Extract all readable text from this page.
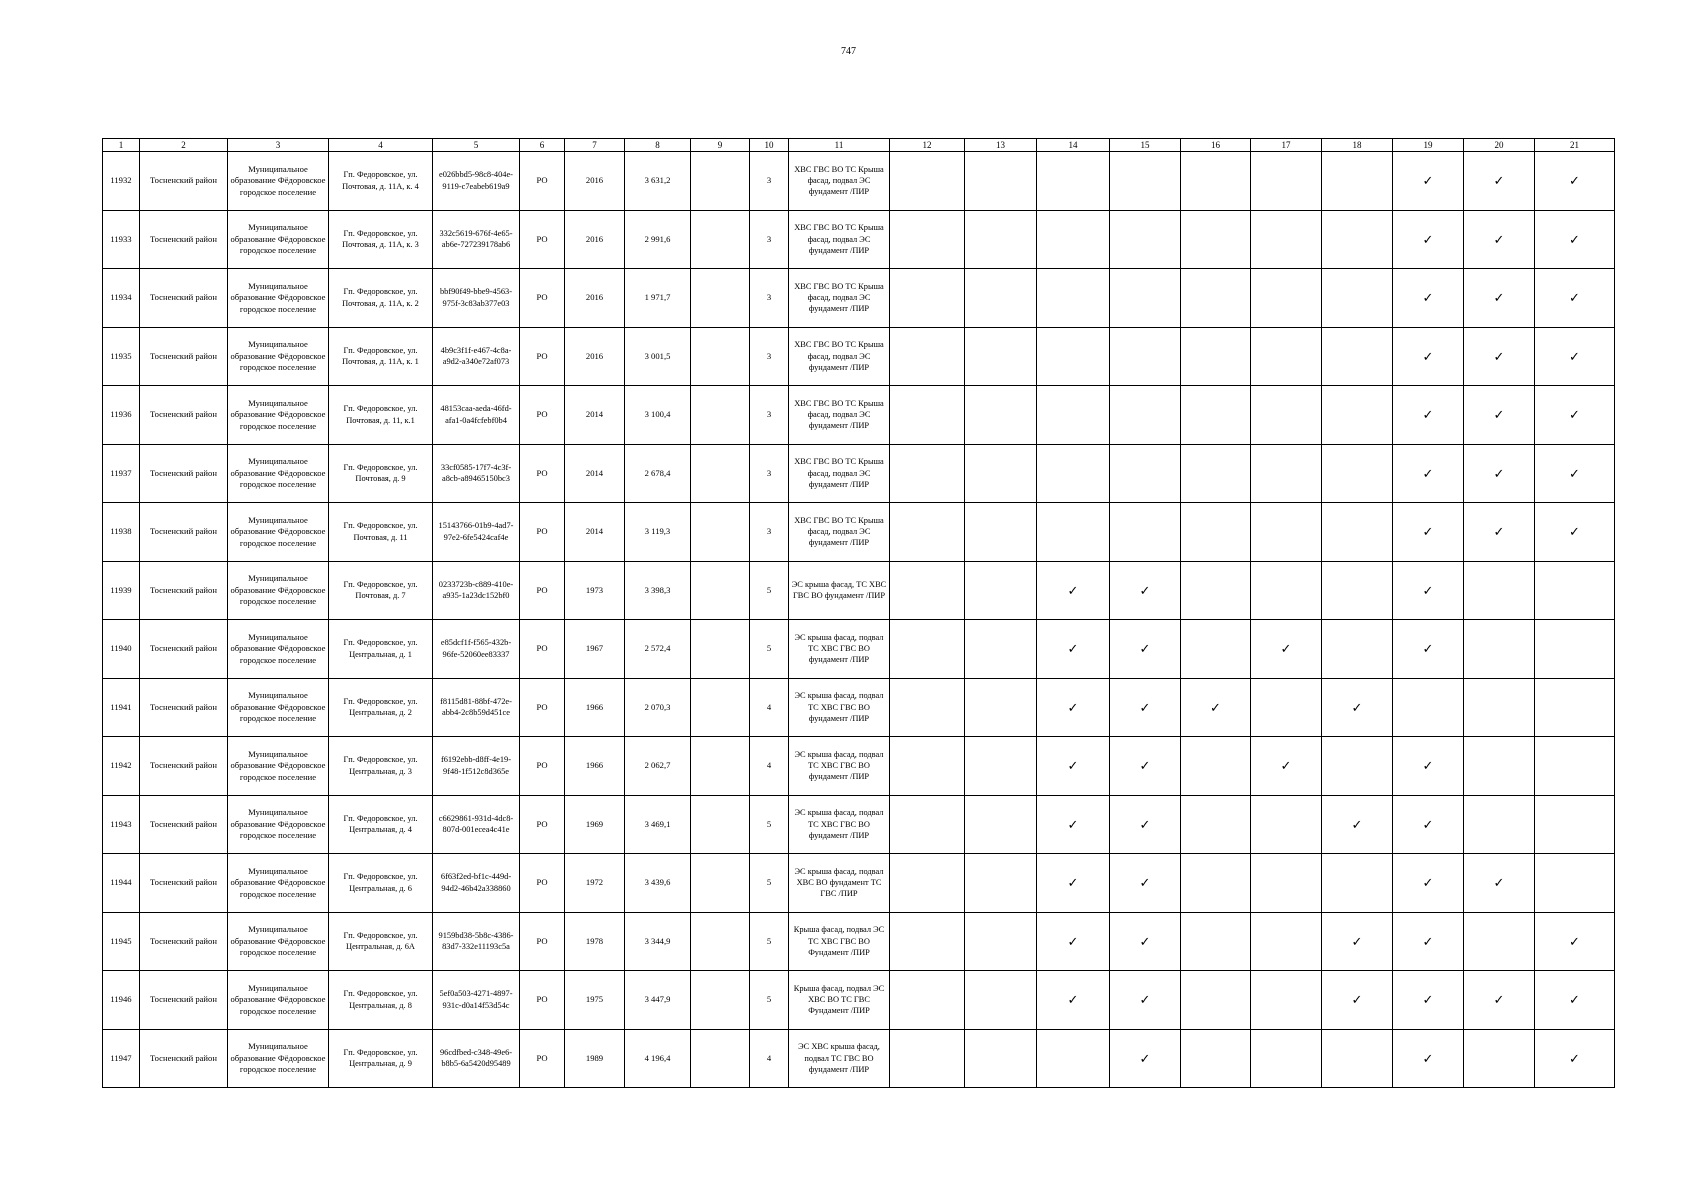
747
1	2	3	4	5	6	7	8	9	10	11	12	13	14	15	16	17	18	19	20	21
11932	Тосненский район	Муниципальное образование Фёдоровское городское поселение	Гп. Федоровское, ул. Почтовая, д. 11А, к. 4	e026bbd5-98c8-404e-9119-c7eabeb619a9	РО	2016	3 631,2		3	ХВС ГВС ВО ТС Крыша фасад, подвал ЭС фундамент /ПИР								✓	✓	✓
11933	Тосненский район	Муниципальное образование Фёдоровское городское поселение	Гп. Федоровское, ул. Почтовая, д. 11А, к. 3	332c5619-676f-4e65-ab6e-727239178ab6	РО	2016	2 991,6		3	ХВС ГВС ВО ТС Крыша фасад, подвал ЭС фундамент /ПИР								✓	✓	✓
11934	Тосненский район	Муниципальное образование Фёдоровское городское поселение	Гп. Федоровское, ул. Почтовая, д. 11А, к. 2	bbf90f49-bbe9-4563-975f-3c83ab377e03	РО	2016	1 971,7		3	ХВС ГВС ВО ТС Крыша фасад, подвал ЭС фундамент /ПИР								✓	✓	✓
11935	Тосненский район	Муниципальное образование Фёдоровское городское поселение	Гп. Федоровское, ул. Почтовая, д. 11А, к. 1	4b9c3f1f-e467-4c8a-a9d2-a340e72af073	РО	2016	3 001,5		3	ХВС ГВС ВО ТС Крыша фасад, подвал ЭС фундамент /ПИР								✓	✓	✓
11936	Тосненский район	Муниципальное образование Фёдоровское городское поселение	Гп. Федоровское, ул. Почтовая, д. 11, к.1	48153caa-aeda-46fd-afa1-0a4fcfebf0b4	РО	2014	3 100,4		3	ХВС ГВС ВО ТС Крыша фасад, подвал ЭС фундамент /ПИР								✓	✓	✓
11937	Тосненский район	Муниципальное образование Фёдоровское городское поселение	Гп. Федоровское, ул. Почтовая, д. 9	33cf0585-17f7-4c3f-a8cb-a89465150bc3	РО	2014	2 678,4		3	ХВС ГВС ВО ТС Крыша фасад, подвал ЭС фундамент /ПИР								✓	✓	✓
11938	Тосненский район	Муниципальное образование Фёдоровское городское поселение	Гп. Федоровское, ул. Почтовая, д. 11	15143766-01b9-4ad7-97e2-6fe5424caf4e	РО	2014	3 119,3		3	ХВС ГВС ВО ТС Крыша фасад, подвал ЭС фундамент /ПИР								✓	✓	✓
11939	Тосненский район	Муниципальное образование Фёдоровское городское поселение	Гп. Федоровское, ул. Почтовая, д. 7	0233723b-c889-410e-a935-1a23dc152bf0	РО	1973	3 398,3		5	ЭС крыша фасад, ТС ХВС ГВС ВО фундамент /ПИР			✓	✓				✓		
11940	Тосненский район	Муниципальное образование Фёдоровское городское поселение	Гп. Федоровское, ул. Центральная, д. 1	e85dcf1f-f565-432b-96fe-52060ee83337	РО	1967	2 572,4		5	ЭС крыша фасад, подвал ТС ХВС ГВС ВО фундамент /ПИР			✓	✓		✓		✓		
11941	Тосненский район	Муниципальное образование Фёдоровское городское поселение	Гп. Федоровское, ул. Центральная, д. 2	f8115d81-88bf-472e-abb4-2c8b59d451ce	РО	1966	2 070,3		4	ЭС крыша фасад, подвал ТС ХВС ГВС ВО фундамент /ПИР			✓	✓	✓		✓			
11942	Тосненский район	Муниципальное образование Фёдоровское городское поселение	Гп. Федоровское, ул. Центральная, д. 3	f6192ebb-d8ff-4e19-9f48-1f512c8d365e	РО	1966	2 062,7		4	ЭС крыша фасад, подвал ТС ХВС ГВС ВО фундамент /ПИР			✓	✓		✓		✓		
11943	Тосненский район	Муниципальное образование Фёдоровское городское поселение	Гп. Федоровское, ул. Центральная, д. 4	c6629861-931d-4dc8-807d-001ecea4c41e	РО	1969	3 469,1		5	ЭС крыша фасад, подвал ТС ХВС ГВС ВО фундамент /ПИР			✓	✓			✓	✓		
11944	Тосненский район	Муниципальное образование Фёдоровское городское поселение	Гп. Федоровское, ул. Центральная, д. 6	6f63f2ed-bf1c-449d-94d2-46b42a338860	РО	1972	3 439,6		5	ЭС крыша фасад, подвал ХВС ВО фундамент ТС ГВС /ПИР			✓	✓				✓	✓	
11945	Тосненский район	Муниципальное образование Фёдоровское городское поселение	Гп. Федоровское, ул. Центральная, д. 6А	9159bd38-5b8c-4386-83d7-332e11193c5a	РО	1978	3 344,9		5	Крыша фасад, подвал ЭС ТС ХВС ГВС ВО Фундамент /ПИР			✓	✓			✓	✓		✓
11946	Тосненский район	Муниципальное образование Фёдоровское городское поселение	Гп. Федоровское, ул. Центральная, д. 8	5ef0a503-4271-4897-931c-d0a14f53d54c	РО	1975	3 447,9		5	Крыша фасад, подвал ЭС ХВС ВО ТС ГВС Фундамент /ПИР			✓	✓			✓	✓	✓	✓
11947	Тосненский район	Муниципальное образование Фёдоровское городское поселение	Гп. Федоровское, ул. Центральная, д. 9	96cdfbed-c348-49e6-b8b5-6a5420d95489	РО	1989	4 196,4		4	ЭС ХВС крыша фасад, подвал ТС ГВС ВО фундамент /ПИР				✓				✓		✓
